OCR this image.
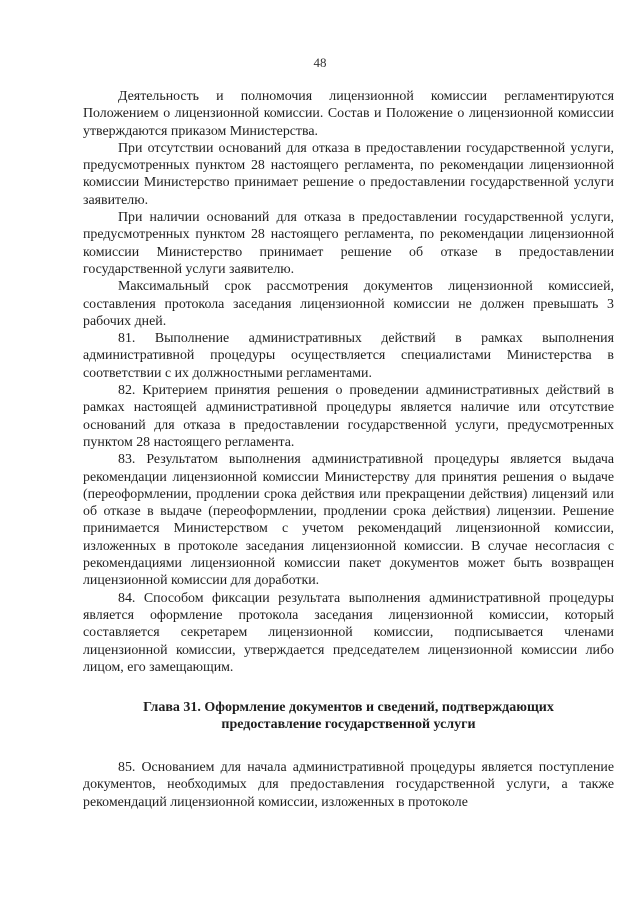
48

Деятельность и полномочия лицензионной комиссии регламентируются Положением о лицензионной комиссии. Состав и Положение о лицензионной комиссии утверждаются приказом Министерства.

При отсутствии оснований для отказа в предоставлении государственной услуги, предусмотренных пунктом 28 настоящего регламента, по рекомендации лицензионной комиссии Министерство принимает решение о предоставлении государственной услуги заявителю.

При наличии оснований для отказа в предоставлении государственной услуги, предусмотренных пунктом 28 настоящего регламента, по рекомендации лицензионной комиссии Министерство принимает решение об отказе в предоставлении государственной услуги заявителю.

Максимальный срок рассмотрения документов лицензионной комиссией, составления протокола заседания лицензионной комиссии не должен превышать 3 рабочих дней.

81. Выполнение административных действий в рамках выполнения административной процедуры осуществляется специалистами Министерства в соответствии с их должностными регламентами.

82. Критерием принятия решения о проведении административных действий в рамках настоящей административной процедуры является наличие или отсутствие оснований для отказа в предоставлении государственной услуги, предусмотренных пунктом 28 настоящего регламента.

83. Результатом выполнения административной процедуры является выдача рекомендации лицензионной комиссии Министерству для принятия решения о выдаче (переоформлении, продлении срока действия или прекращении действия) лицензий или об отказе в выдаче (переоформлении, продлении срока действия) лицензии. Решение принимается Министерством с учетом рекомендаций лицензионной комиссии, изложенных в протоколе заседания лицензионной комиссии. В случае несогласия с рекомендациями лицензионной комиссии пакет документов может быть возвращен лицензионной комиссии для доработки.

84. Способом фиксации результата выполнения административной процедуры является оформление протокола заседания лицензионной комиссии, который составляется секретарем лицензионной комиссии, подписывается членами лицензионной комиссии, утверждается председателем лицензионной комиссии либо лицом, его замещающим.

Глава 31. Оформление документов и сведений, подтверждающих
предоставление государственной услуги

85. Основанием для начала административной процедуры является поступление документов, необходимых для предоставления государственной услуги, а также рекомендаций лицензионной комиссии, изложенных в протоколе
